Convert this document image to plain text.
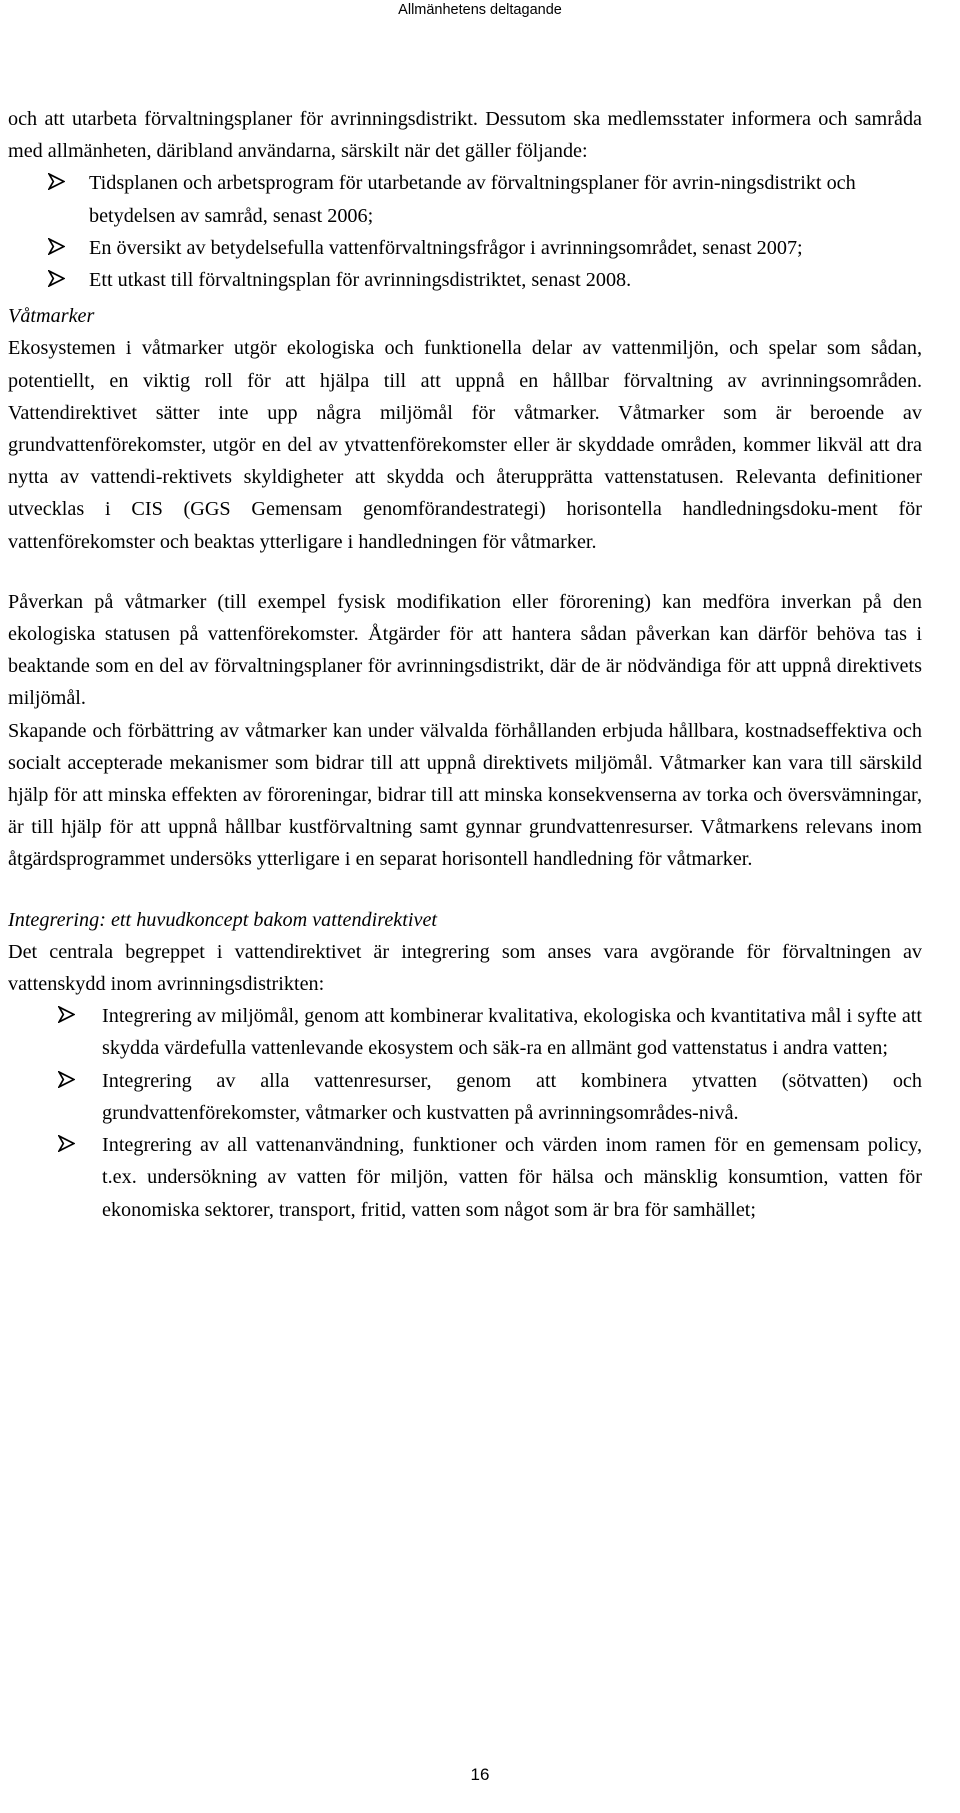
Allmänhetens deltagande

och att utarbeta förvaltningsplaner för avrinningsdistrikt. Dessutom ska medlemsstater informera och samråda med allmänheten, däribland användarna, särskilt när det gäller följande:

Tidsplanen och arbetsprogram för utarbetande av förvaltningsplaner för avrin-ningsdistrikt och betydelsen av samråd, senast 2006;
En översikt av betydelsefulla vattenförvaltningsfrågor i avrinningsområdet, senast 2007;
Ett utkast till förvaltningsplan för avrinningsdistriktet, senast 2008.

Våtmarker

Ekosystemen i våtmarker utgör ekologiska och funktionella delar av vattenmiljön, och spelar som sådan, potentiellt, en viktig roll för att hjälpa till att uppnå en hållbar förvaltning av avrinningsområden. Vattendirektivet sätter inte upp några miljömål för våtmarker. Våtmarker som är beroende av grundvattenförekomster, utgör en del av ytvattenförekomster eller är skyddade områden, kommer likväl att dra nytta av vattendi-rektivets skyldigheter att skydda och återupprätta vattenstatusen. Relevanta definitioner utvecklas i CIS (GGS Gemensam genomförandestrategi) horisontella handledningsdoku-ment för vattenförekomster och beaktas ytterligare i handledningen för våtmarker.

Påverkan på våtmarker (till exempel fysisk modifikation eller förorening) kan medföra inverkan på den ekologiska statusen på vattenförekomster. Åtgärder för att hantera sådan påverkan kan därför behöva tas i beaktande som en del av förvaltningsplaner för avrinningsdistrikt, där de är nödvändiga för att uppnå direktivets miljömål.

Skapande och förbättring av våtmarker kan under välvalda förhållanden erbjuda hållbara, kostnadseffektiva och socialt accepterade mekanismer som bidrar till att uppnå direktivets miljömål. Våtmarker kan vara till särskild hjälp för att minska effekten av föroreningar, bidrar till att minska konsekvenserna av torka och översvämningar, är till hjälp för att uppnå hållbar kustförvaltning samt gynnar grundvattenresurser. Våtmarkens relevans inom åtgärdsprogrammet undersöks ytterligare i en separat horisontell handledning för våtmarker.

Integrering: ett huvudkoncept bakom vattendirektivet

Det centrala begreppet i vattendirektivet är integrering som anses vara avgörande för förvaltningen av vattenskydd inom avrinningsdistrikten:

Integrering av miljömål, genom att kombinerar kvalitativa, ekologiska och kvantitativa mål i syfte att skydda värdefulla vattenlevande ekosystem och säk-ra en allmänt god vattenstatus i andra vatten;
Integrering av alla vattenresurser, genom att kombinera ytvatten (sötvatten) och grundvattenförekomster, våtmarker och kustvatten på avrinningsområdes-nivå.
Integrering av all vattenanvändning, funktioner och värden inom ramen för en gemensam policy, t.ex. undersökning av vatten för miljön, vatten för hälsa och mänsklig konsumtion, vatten för ekonomiska sektorer, transport, fritid, vatten som något som är bra för samhället;
16
